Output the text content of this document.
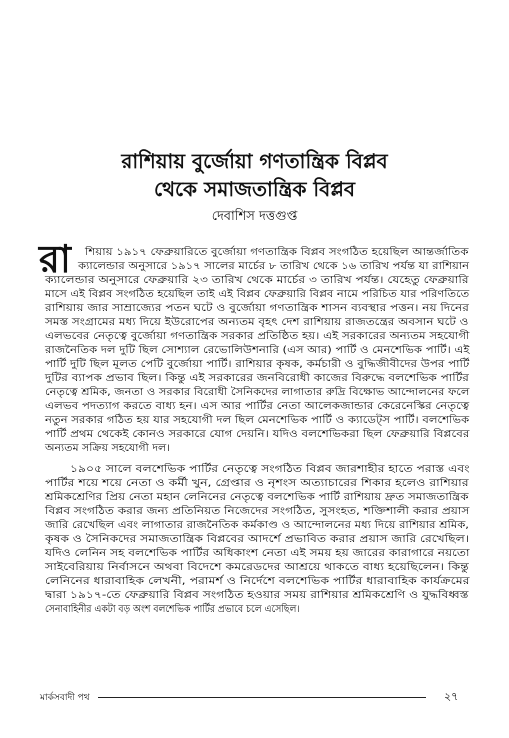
রাশিয়ায় বুর্জোয়া গণতান্ত্রিক বিপ্লব
থেকে সমাজতান্ত্রিক বিপ্লব
দেবাশিস দত্তগুপ্ত
রা শিয়ায় ১৯১৭ ফেব্রুয়ারিতে বুর্জোয়া গণতান্ত্রিক বিপ্লব সংগঠিত হয়েছিল আন্তর্জাতিক
ক্যালেন্ডার অনুসারে ১৯১৭ সালের মার্চের ৮ তারিখ থেকে ১৬ তারিখ পর্যন্ত যা রাশিয়ান
ক্যালেন্ডার অনুসারে ফেব্রুয়ারি ২৩ তারিখ থেকে মার্চের ৩ তারিখ পর্যন্ত। যেহেতু ফেব্রুয়ারি
মাসে এই বিপ্লব সংগঠিত হয়েছিল তাই এই বিপ্লব ফেব্রুয়ারি বিপ্লব নামে পরিচিত যার পরিণতিতে
রাশিয়ায় জার সাম্রাজ্যের পতন ঘটে ও বুর্জোয়া গণতান্ত্রিক শাসন ব্যবস্থার পত্তন। নয় দিনের
সমস্ত সংগ্রামের মধ্য দিয়ে ইউরোপের অন্যতম বৃহৎ দেশ রাশিয়ায় রাজতন্ত্রের অবসান ঘটে ও
এলভবের নেতৃত্বে বুর্জোয়া গণতান্ত্রিক সরকার প্রতিষ্ঠিত হয়। এই সরকারের অন্যতম সহযোগী
রাজনৈতিক দল দুটি ছিল সোশ্যাল রেভোলিউশনারি (এস আর) পার্টি ও মেনশেভিক পার্টি। এই
পার্টি দুটি ছিল মূলত পেটি বুর্জোয়া পার্টি। রাশিয়ার কৃষক, কর্মচারী ও বুদ্ধিজীবীদের উপর পার্টি
দুটির ব্যাপক প্রভাব ছিল। কিন্তু এই সরকারের জনবিরোধী কাজের বিরুদ্ধে বলশেভিক পার্টির
নেতৃত্বে শ্রমিক, জনতা ও সরকার বিরোধী সৈনিকদের লাগাতার রুদ্রি বিক্ষোভ আন্দোলনের ফলে
এলভব পদত্যাগ করতে বাধ্য হন। এস আর পার্টির নেতা আলেকজান্ডার কেরেনেস্কির নেতৃত্বে
নতুন সরকার গঠিত হয় যার সহযোগী দল ছিল মেনশেভিক পার্টি ও ক্যাডেট্স পার্টি। বলশেভিক
পার্টি প্রথম থেকেই কোনও সরকারে যোগ দেয়নি। যদিও বলশেভিকরা ছিল ফেব্রুয়ারি বিপ্লবের
অন্যতম সক্রিয় সহযোগী দল।
১৯০৫ সালে বলশেভিক পার্টির নেতৃত্বে সংগঠিত বিপ্লব জারশাহীর হাতে পরাস্ত এবং
পার্টির শয়ে শয়ে নেতা ও কর্মী খুন, গ্রেপ্তার ও নৃশংস অত্যাচারের শিকার হলেও রাশিয়ার
শ্রমিকশ্রেণির প্রিয় নেতা মহান লেনিনের নেতৃত্বে বলশেভিক পার্টি রাশিয়ায় দ্রুত সমাজতান্ত্রিক
বিপ্লব সংগঠিত করার জন্য প্রতিনিয়ত নিজেদের সংগঠিত, সুসংহত, শক্তিশালী করার প্রয়াস
জারি রেখেছিল এবং লাগাতার রাজনৈতিক কর্মকাণ্ড ও আন্দোলনের মধ্য দিয়ে রাশিয়ার শ্রমিক,
কৃষক ও সৈনিকদের সমাজতান্ত্রিক বিপ্লবের আদর্শে প্রভাবিত করার প্রয়াস জারি রেখেছিল।
যদিও লেনিন সহ বলশেভিক পার্টির অধিকাংশ নেতা এই সময় হয় জারের কারাগারে নয়তো
সাইবেরিয়ায় নির্বাসনে অথবা বিদেশে কমরেডদের আশ্রয়ে থাকতে বাধ্য হয়েছিলেন। কিন্তু
লেনিনের ধারাবাহিক লেখনী, পরামর্শ ও নির্দেশে বলশেভিক পার্টির ধারাবাহিক কার্যক্রমের
দ্বারা ১৯১৭-তে ফেব্রুয়ারি বিপ্লব সংগঠিত হওয়ার সময় রাশিয়ার শ্রমিকশ্রেণি ও যুদ্ধবিধ্বস্ত
সেনাবাহিনীর একটা বড় অংশ বলশেভিক পার্টির প্রভাবে চলে এসেছিল।
মার্কসবাদী পথ	২৭
